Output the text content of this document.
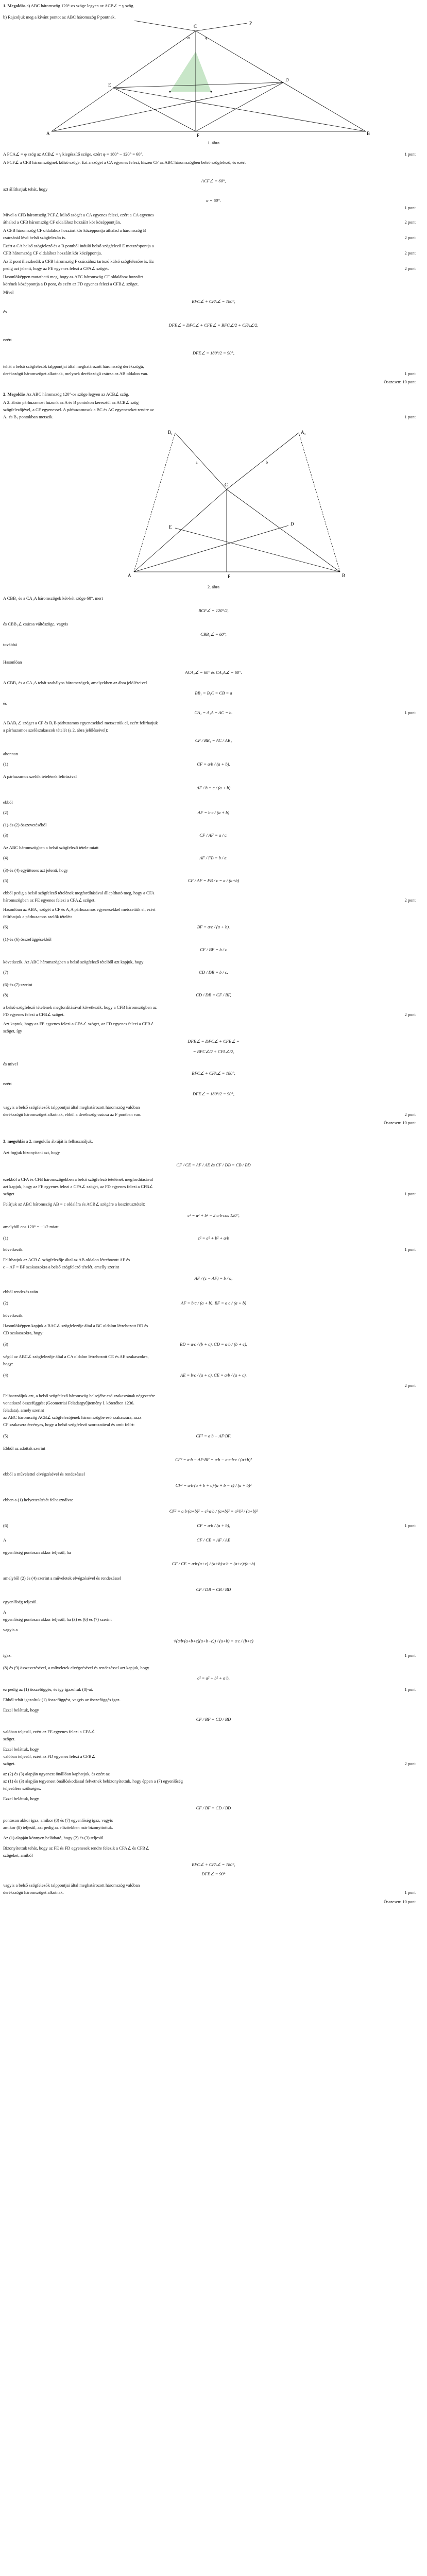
1. Megoldás a) ABC háromszög 120°-os szöge legyen az ACB∠ = γ szög.

b) Rajzoljuk meg a kívánt pontot az ABC háromszög P pontnak.

C
A	B
F
E
D
P
φ
α

1. ábra

A PCA∠ = φ szög az ACB∠ = γ kiegészítő szöge, ezért φ = 180° − 120° = 60°.	1 pont

A PCF∠ a CFB háromszögnek külső szöge. Ezt a szöget a CA egyenes felezi, hiszen CF az ABC háromszögben belső szögfelező, és ezért

ACF∠ = 60°,

azt állíthatjuk tehát, hogy

α = 60°.

1 pont

Mivel a CFB háromszög PCF∠ külső szögét a CA egyenes felezi, ezért a CA egyenes

áthalad a CFB háromszög CF oldalához hozzáírt kör középpontján.	2 pont

A CFB háromszög CF oldalához hozzáírt kör középpontja áthalad a háromszög B

csúcsánál lévő belső szögfelezőn is.	2 pont

Ezért a CA belső szögfelező és a B pontból induló belső szögfelező E metszéspontja a

CFB háromszög CF oldalához hozzáírt kör középpontja.	2 pont

Az E pont illeszkedik a CFB háromszög F csúcsához tartozó külső szögfelezőre is. Ez

pedig azt jelenti, hogy az FE egyenes felezi a CFA∠ szöget.	2 pont

Hasonlóképpen mutatható meg, hogy az AFC háromszög CF oldalához hozzáírt

körének középpontja a D pont, és ezért az FD egyenes felezi a CFB∠ szöget.

Mivel

BFC∠ + CFA∠ = 180°,

és

DFE∠ = DFC∠ + CFE∠ = BFC∠/2 + CFA∠/2,

ezért

DFE∠ = 180°/2 = 90°,

tehát a belső szögfelezők talppontjai által meghatározott háromszög derékszögű,

derékszögű háromszöget alkotnak, melynek derékszögű csúcsa az AB oldalon van.	1 pont

Összesen: 10 pont

2. Megoldás Az ABC háromszög 120°-os szöge legyen az ACB∠ szög.

A 2. ábrán párhuzamost húzunk az A és B pontokon keresztül az ACB∠ szög

szögfelezőjével, a CF egyenessel. A párhuzamosok a BC és AC egyeneseket rendre az

A₁ és B₁ pontokban metszik.	1 pont
C
A	B
F
E
D
B₁	A₁
a	b

2. ábra

A CBB₁ és a CA₁A háromszögek két-két szöge 60°, mert

BCF∠ = 120°/2,

és CBB₁∠ csúcsa váltószöge, vagyis

CBB₁∠ = 60°,

továbbá

Hasonlóan

ACA₁∠ = 60° és CA₁A∠ = 60°.

A CBB₁ és a CA₁A tehát szabályos háromszögek, amelyekben az ábra jelöléseivel

BB₁ = B₁C = CB = a

és

CA₁ = A₁A = AC = b.	1 pont

A BAB₁∠ szöget a CF és B₁B párhuzamos egyenesekkel metszettük el, ezért felírhatjuk

a párhuzamos szelőszakaszok tételét (a 2. ábra jelöléseivel):

CF / BB₁ = AC / AB₁

ahonnan

CF = a·b / (a + b).

(1)

A párhuzamos szelők tételének felírásával

AF / b = c / (a + b)

ebből

AF = b·c / (a + b)

(2)

(1)-és (2) összevetéséből

CF / AF = a / c.

(3)

Az ABC háromszögben a belső szögfelező tétele miatt

AF / FB = b / a.

(4)

(3)-és (4) együtteses azt jelenti, hogy

CF / AF = FB / c = a / (a+b)

(5)

ebből pedig a belső szögfelező tételének megfordításával állapítható meg, hogy a CFA

háromszögben az FE egyenes felezi a CFA∠ szöget.	2 pont

Hasonlóan az ABA₁ szögét a CF és A₁A párhuzamos egyenesekkel metszettük el, ezért

felírhatjuk a párhuzamos szelők tételét:

BF = a·c / (a + b).

(6)

(1)-és (6) összefüggésekből

CF / BF = b / c

következik. Az ABC háromszögben a belső szögfelező tételből azt kapjuk, hogy

CD / DB = b / c.

(7)

(6)-és (7) szerint

CD / DB = CF / BF,

(8)

a belső szögfelező tételének megfordításával következik, hogy a CFB háromszögben az

FD egyenes felezi a CFB∠ szöget.	2 pont

Azt kaptuk, hogy az FE egyenes felezi a CFA∠ szöget, az FD egyenes felezi a CFB∠

szöget, így

DFE∠ = DFC∠ + CFE∠ =

= BFC∠/2 + CFA∠/2,

és mivel

BFC∠ + CFA∠ = 180°,

ezért

DFE∠ = 180°/2 = 90°,

vagyis a belső szögfelezők talppontjai által meghatározott háromszög valóban

derékszögű háromszöget alkotnak, ebből a derékszög csúcsa az F pontban van.	2 pont

Összesen: 10 pont

3. megoldás a 2. megoldás ábráját is felhasználjuk.

Azt fogjuk bizonyítani azt, hogy

CF / CE = AF / AE és CF / DB = CB / BD

ezekből a CFA és CFB háromszögekben a belső szögfelező tételének megfordításával

azt kapjuk, hogy az FE egyenes felezi a CFA∠ szöget, az FD egyenes felezi a CFB∠

szöget.	1 pont

Felírjuk az ABC háromszög AB = c oldalára és ACB∠ szögére a koszinusztételt:

c² = a² + b² − 2·a·b·cos 120°,

amelyből cos 120° = −1/2 miatt

c² = a² + b² + a·b

(1)

következik.	1 pont

Felírhatjuk az ACB∠ szögfelezője által az AB oldalon létrehozott AF és

c − AF = BF szakaszokra a belső szögfelező tételét, amelly szerint

AF / (c − AF) = b / a,

ebből rendezés után

AF = b·c / (a + b), BF = a·c / (a + b)

(2)

következik.

Hasonlóképpen kapjuk a BAC∠ szögfelezője által a BC oldalon létrehozott BD és

CD szakaszokra, hogy:

BD = a·c / (b + c), CD = a·b / (b + c),

(3)

végül az ABC∠ szögfelezője által a CA oldalon létrehozott CE és AE szakaszokra,

hogy:

AE = b·c / (a + c), CE = a·b / (a + c).

(4)
2 pont

Felhasználjuk azt, a belső szögfelező háromszög belsejébe eső szakaszának négyzetére

vonatkozó összefüggést (Geometriai Feladatgyűjtemény I. kötetében 1236.

feladata), amely szerint

az ABC háromszög ACB∠ szögfelezőjének háromszögbe eső szakaszára, azaz

CF szakaszra érvényes, hogy a belső szögfelező szorozatával és amit felírt:

CF² = a·b − AF·BF.

(5)

Ebből az adottak szerint

CF² = a·b − AF·BF = a·b − a·c·b·c / (a+b)²

ebből a művelettel elvégzésével és rendezéssel

CF² = a·b·(a + b + c)·(a + b − c) / (a + b)²

ebben a (1) helyettesítését felhasználva:

CF² = a·b·(a+b)² − c²·a·b / (a+b)² = a²·b² / (a+b)²

CF = a·b / (a + b),

(6)	1 pont

A	CF / CE = AF / AE

egyenlőség pontosan akkor teljesül, ha

CF / CE = a·b·(a+c) / (a+b)·a·b = (a+c)/(a+b)

amelyből (2) és (4) szerint a műveletek elvégzésével és rendezéssel

CF / DB = CB / BD

egyenlőség teljesül.

A

egyenlőség pontosan akkor teljesül, ha (3) és (6) és (7) szerint

vagyis a

√(a·b·(a+b+c)(a+b−c)) / (a+b) = a·c / (b+c)

igaz.	1 pont

(8) és (9) összevetésével, a műveletek elvégzésével és rendezéssel azt kapjuk, hogy

c² = a² + b² + a·b,

ez pedig az (1) összefüggés, és így igazoltuk (8)-at.	1 pont

Ebből tehát igazoltuk (1) összefüggést, vagyis az összefüggés igaz.

Ezzel beláttuk, hogy

CF / BF = CD / BD

valóban teljesül, ezért az FE egyenes felezi a CFA∠

szöget.

Ezzel beláttuk, hogy

valóban teljesül, ezért az FD egyenes felezi a CFB∠

szöget.	2 pont

az (2) és (3) alapján ugyanezt önállóan kaphatjuk, és ezért az

az (1) és (3) alapján tegyenest önállóskodással felvetnek bebizonyítottuk, hogy éppen a (7) egyenlőség

teljesülése szükséges.

Ezzel beláttuk, hogy

CF / BF = CD / BD

pontosan akkor igaz, amikor (8) és (7) egyenlőség igaz, vagyis

amikor (8) teljesül, azt pedig az előzőekben már bizonyítottuk.

Az (1) alapján könnyen belátható, hogy (2) és (3) teljesül.

Bizonyítottuk tehát, hogy az FE és FD egyenesek rendre felezik a CFA∠ és CFB∠

szögeket, amiből

BFC∠ + CFA∠ = 180°,

DFE∠ = 90°

vagyis a belső szögfelezők talppontjai által meghatározott háromszög valóban

derékszögű háromszöget alkotnak.	1 pont

Összesen: 10 pont
